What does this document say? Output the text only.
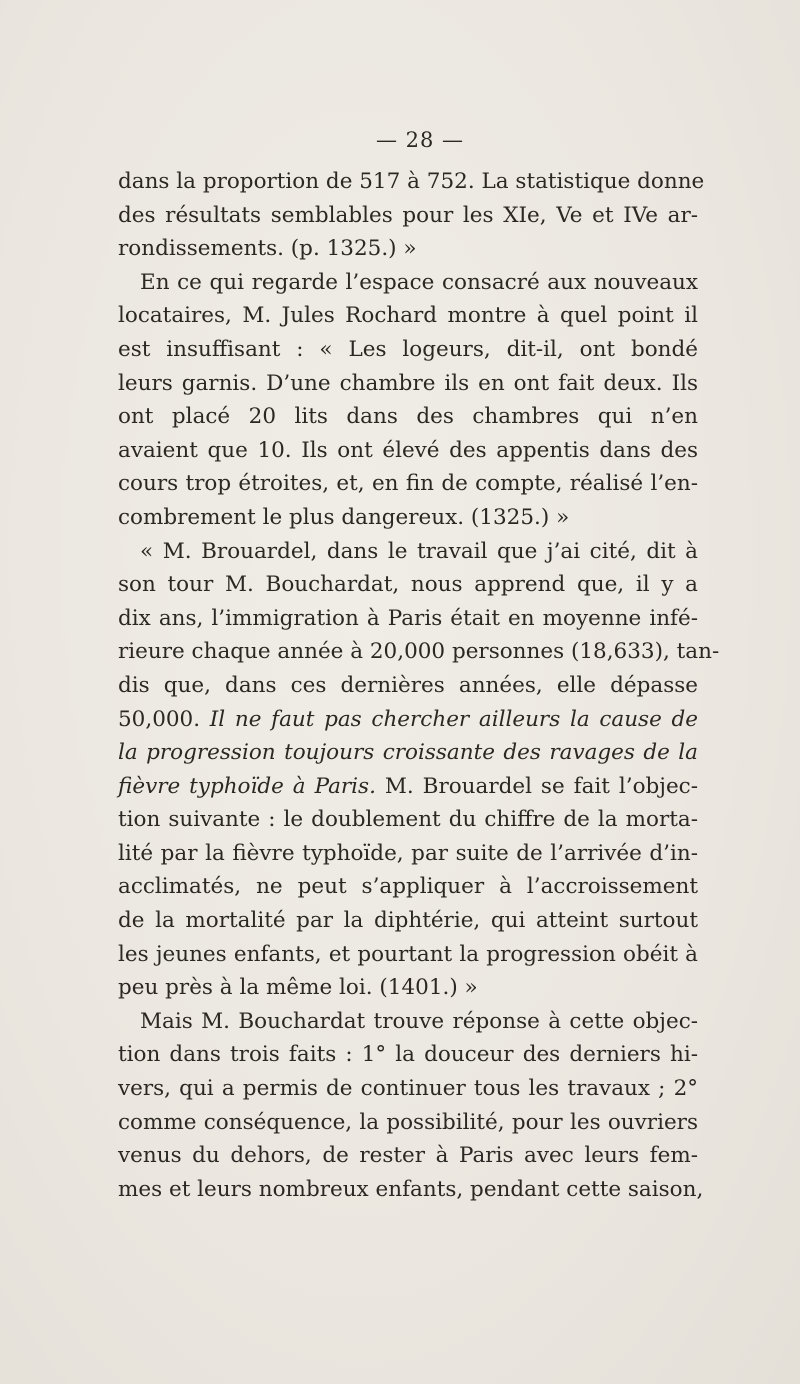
— 28 —
dans la proportion de 517 à 752. La statistique donne
des résultats semblables pour les XIe, Ve et IVe ar-
rondissements. (p. 1325.) »
En ce qui regarde l’espace consacré aux nouveaux
locataires, M. Jules Rochard montre à quel point il
est insuffisant : « Les logeurs, dit-il, ont bondé
leurs garnis. D’une chambre ils en ont fait deux. Ils
ont placé 20 lits dans des chambres qui n’en
avaient que 10. Ils ont élevé des appentis dans des
cours trop étroites, et, en fin de compte, réalisé l’en-
combrement le plus dangereux. (1325.) »
« M. Brouardel, dans le travail que j’ai cité, dit à
son tour M. Bouchardat, nous apprend que, il y a
dix ans, l’immigration à Paris était en moyenne infé-
rieure chaque année à 20,000 personnes (18,633), tan-
dis que, dans ces dernières années, elle dépasse
50,000. Il ne faut pas chercher ailleurs la cause de
la progression toujours croissante des ravages de la
fièvre typhoïde à Paris. M. Brouardel se fait l’objec-
tion suivante : le doublement du chiffre de la morta-
lité par la fièvre typhoïde, par suite de l’arrivée d’in-
acclimatés, ne peut s’appliquer à l’accroissement
de la mortalité par la diphtérie, qui atteint surtout
les jeunes enfants, et pourtant la progression obéit à
peu près à la même loi. (1401.) »
Mais M. Bouchardat trouve réponse à cette objec-
tion dans trois faits : 1° la douceur des derniers hi-
vers, qui a permis de continuer tous les travaux ; 2°
comme conséquence, la possibilité, pour les ouvriers
venus du dehors, de rester à Paris avec leurs fem-
mes et leurs nombreux enfants, pendant cette saison,
